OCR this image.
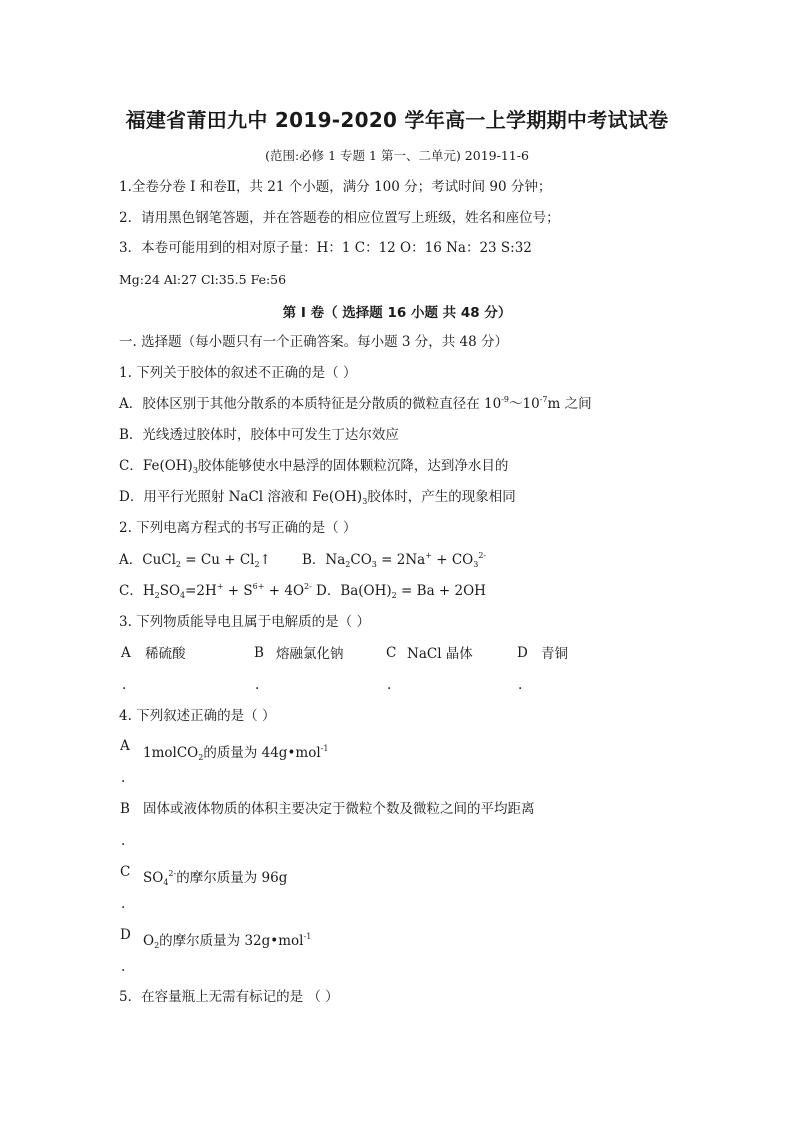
福建省莆田九中 2019-2020 学年高一上学期期中考试试卷
(范围:必修 1 专题 1 第一、二单元) 2019-11-6
1.全卷分卷 I 和卷Ⅱ，共 21 个小题，满分 100 分；考试时间 90 分钟；
2．请用黑色钢笔答题，并在答题卷的相应位置写上班级，姓名和座位号；
3．本卷可能用到的相对原子量：H：1 C：12 O：16 Na：23 S:32
Mg:24 Al:27 Cl:35.5 Fe:56
第 I 卷（ 选择题 16 小题 共 48 分）
一. 选择题（每小题只有一个正确答案。每小题 3 分，共 48 分）
1. 下列关于胶体的叙述不正确的是（ ）
A．胶体区别于其他分散系的本质特征是分散质的微粒直径在 $10^{-9}\sim 10^{-7}m$ 之间
B．光线透过胶体时，胶体中可发生丁达尔效应
C．$Fe(OH)_3$胶体能够使水中悬浮的固体颗粒沉降，达到净水目的
D．用平行光照射 NaCl 溶液和 $Fe(OH)_3$胶体时，产生的现象相同
2. 下列电离方程式的书写正确的是（ ）
A．CuCl$_2$ = $Cu + Cl_2↑$ B．$Na_2CO_3 = 2Na^+ + CO_3^{2-}$
C．$H_2SO_4=2H^+ + S^{6+} + 4O^{2-}$ D．$Ba(OH)_2 = Ba + 2OH$
3. 下列物质能导电且属于电解质的是（ ）
A 稀硫酸	B 熔融氯化钠	C NaCl 晶体	D 青铜
.	.	.	.
4. 下列叙述正确的是（ ）
A 1molCO$_2$的质量为 44g•mol$^{-1}$
.
B 固体或液体物质的体积主要决定于微粒个数及微粒之间的平均距离
.
C $SO_4^{2-}$的摩尔质量为 96g
.
D $O_2$的摩尔质量为 32g•mol$^{-1}$
.
5．在容量瓶上无需有标记的是 （ ）
